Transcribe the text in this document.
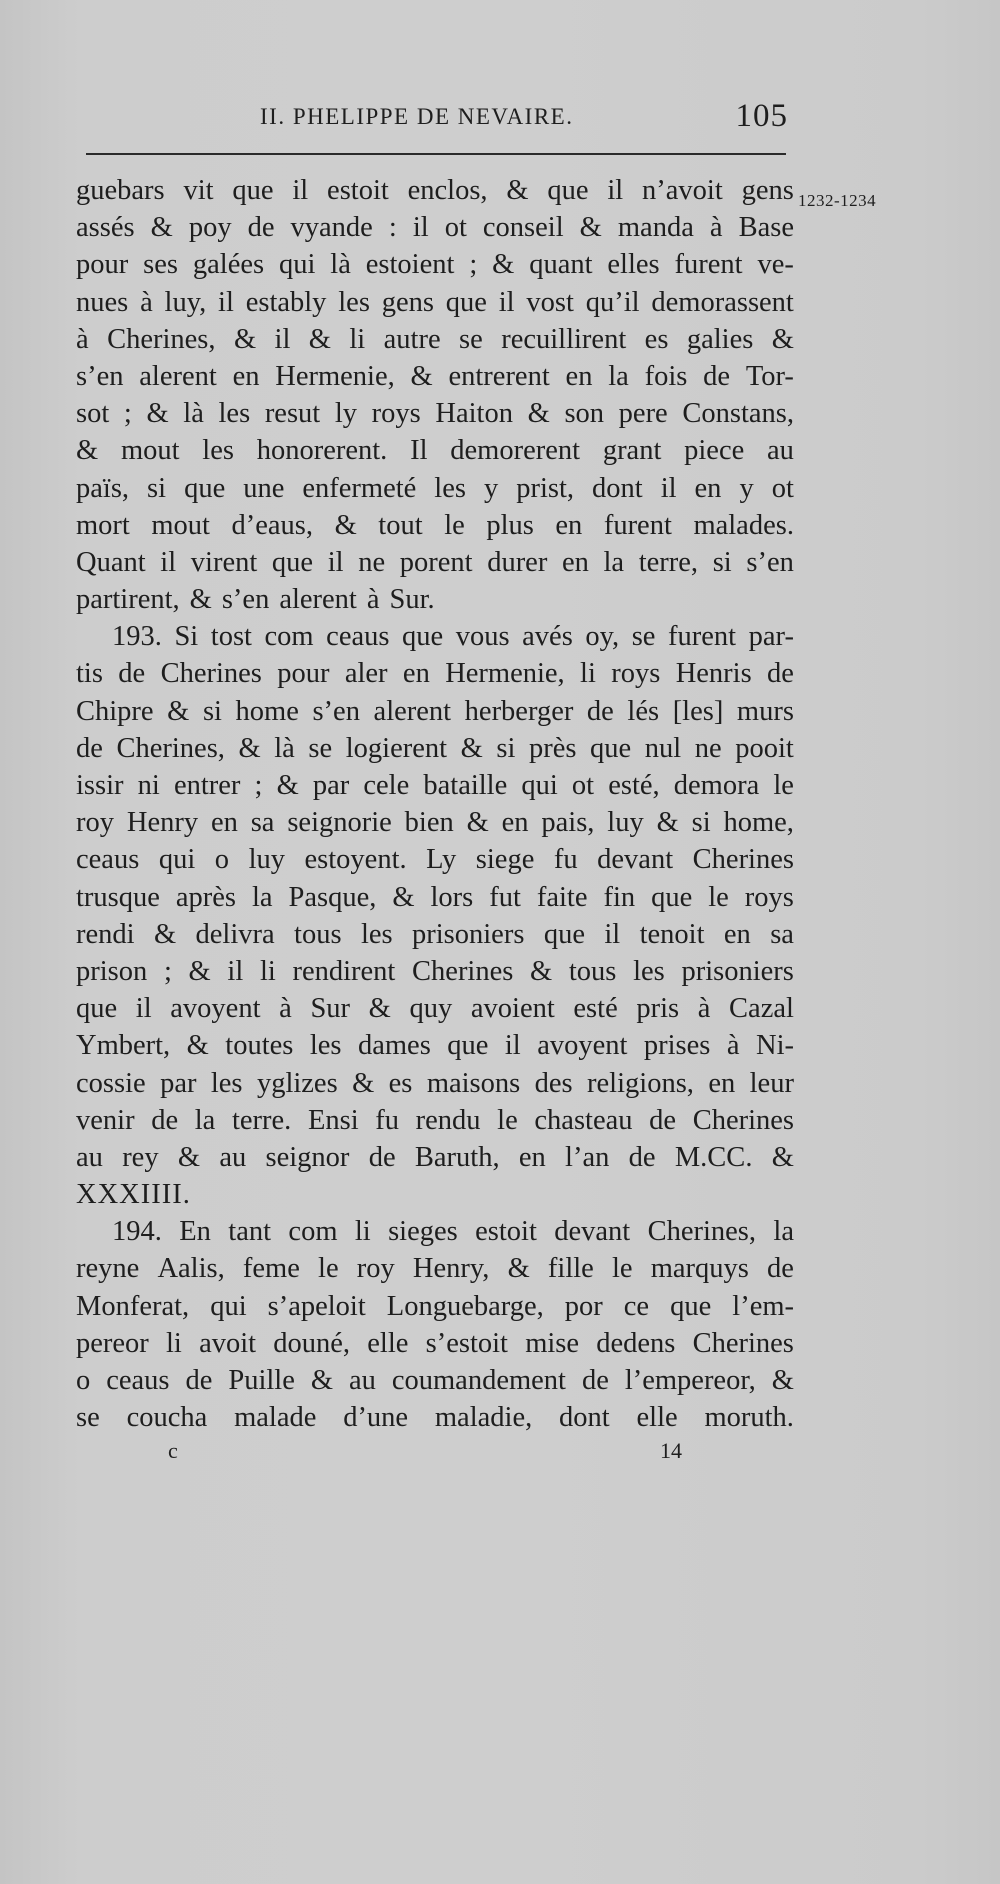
II. PHELIPPE DE NEVAIRE.	105
1232-1234
guebars vit que il estoit enclos, & que il n’avoit gens
assés & poy de vyande : il ot conseil & manda à Base
pour ses galées qui là estoient ; & quant elles furent ve-
nues à luy, il estably les gens que il vost qu’il demorassent
à Cherines, & il & li autre se recuillirent es galies &
s’en alerent en Hermenie, & entrerent en la fois de Tor-
sot ; & là les resut ly roys Haiton & son pere Constans,
& mout les honorerent. Il demorerent grant piece au
païs, si que une enfermeté les y prist, dont il en y ot
mort mout d’eaus, & tout le plus en furent malades.
Quant il virent que il ne porent durer en la terre, si s’en
partirent, & s’en alerent à Sur.
193. Si tost com ceaus que vous avés oy, se furent par-
tis de Cherines pour aler en Hermenie, li roys Henris de
Chipre & si home s’en alerent herberger de lés [les] murs
de Cherines, & là se logierent & si près que nul ne pooit
issir ni entrer ; & par cele bataille qui ot esté, demora le
roy Henry en sa seignorie bien & en pais, luy & si home,
ceaus qui o luy estoyent. Ly siege fu devant Cherines
trusque après la Pasque, & lors fut faite fin que le roys
rendi & delivra tous les prisoniers que il tenoit en sa
prison ; & il li rendirent Cherines & tous les prisoniers
que il avoyent à Sur & quy avoient esté pris à Cazal
Ymbert, & toutes les dames que il avoyent prises à Ni-
cossie par les yglizes & es maisons des religions, en leur
venir de la terre. Ensi fu rendu le chasteau de Cherines
au rey & au seignor de Baruth, en l’an de M.CC. &
XXXIIII.
194. En tant com li sieges estoit devant Cherines, la
reyne Aalis, feme le roy Henry, & fille le marquys de
Monferat, qui s’apeloit Longuebarge, por ce que l’em-
pereor li avoit douné, elle s’estoit mise dedens Cherines
o ceaus de Puille & au coumandement de l’empereor, &
se coucha malade d’une maladie, dont elle moruth.
c	14
